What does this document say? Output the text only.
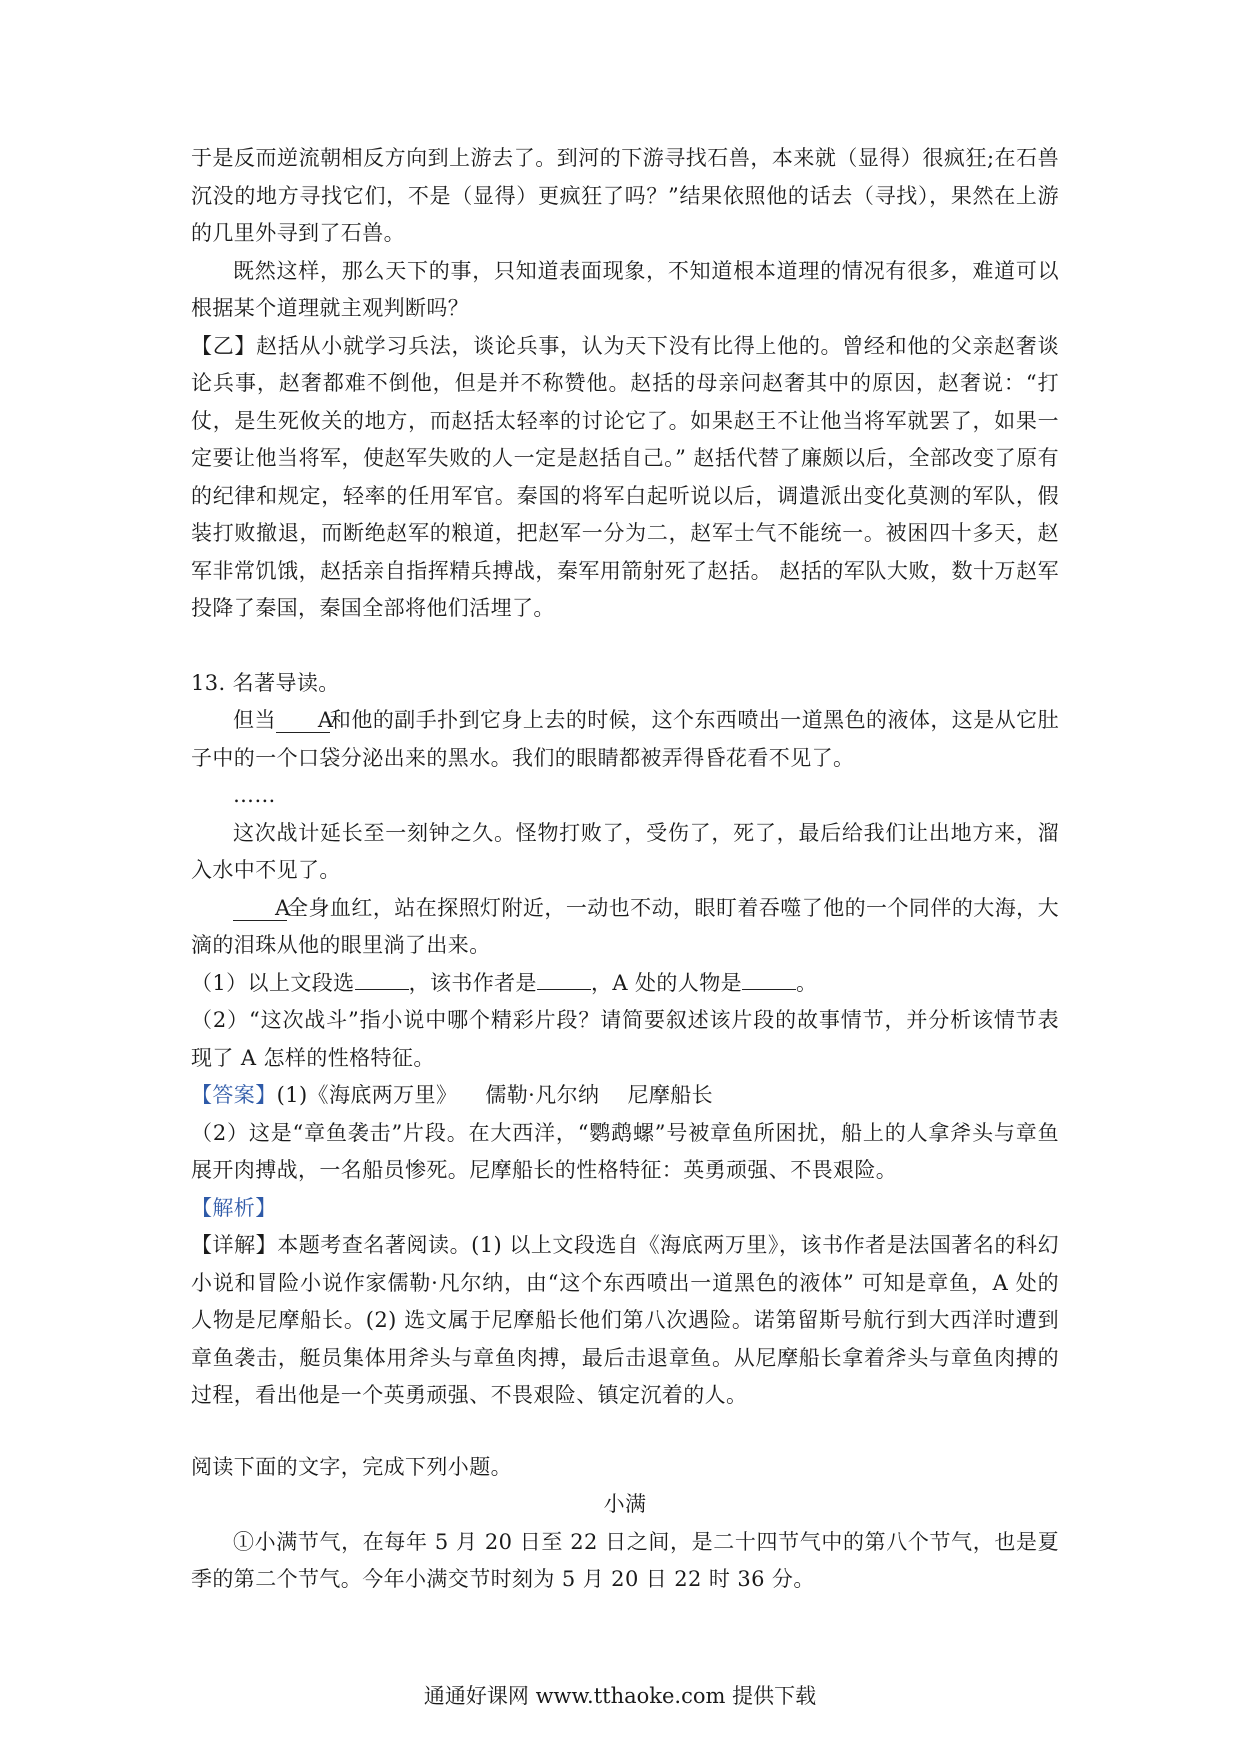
于是反而逆流朝相反方向到上游去了。到河的下游寻找石兽，本来就（显得）很疯狂;在石兽沉没的地方寻找它们，不是（显得）更疯狂了吗？”结果依照他的话去（寻找），果然在上游的几里外寻到了石兽。

既然这样，那么天下的事，只知道表面现象，不知道根本道理的情况有很多，难道可以根据某个道理就主观判断吗？

【乙】赵括从小就学习兵法，谈论兵事，认为天下没有比得上他的。曾经和他的父亲赵奢谈论兵事，赵奢都难不倒他，但是并不称赞他。赵括的母亲问赵奢其中的原因，赵奢说：“打仗，是生死攸关的地方，而赵括太轻率的讨论它了。如果赵王不让他当将军就罢了，如果一定要让他当将军，使赵军失败的人一定是赵括自己。” 赵括代替了廉颇以后，全部改变了原有的纪律和规定，轻率的任用军官。秦国的将军白起听说以后，调遣派出变化莫测的军队，假装打败撤退，而断绝赵军的粮道，把赵军一分为二，赵军士气不能统一。被困四十多天，赵军非常饥饿，赵括亲自指挥精兵搏战，秦军用箭射死了赵括。 赵括的军队大败，数十万赵军投降了秦国，秦国全部将他们活埋了。

13. 名著导读。

但当 A和他的副手扑到它身上去的时候，这个东西喷出一道黑色的液体，这是从它肚子中的一个口袋分泌出来的黑水。我们的眼睛都被弄得昏花看不见了。

……

这次战计延长至一刻钟之久。怪物打败了，受伤了，死了，最后给我们让出地方来，溜入水中不见了。

A全身血红，站在探照灯附近，一动也不动，眼盯着吞噬了他的一个同伴的大海，大滴的泪珠从他的眼里淌了出来。

（1）以上文段选	，该书作者是	，A 处的人物是	。

（2）“这次战斗”指小说中哪个精彩片段？请简要叙述该片段的故事情节，并分析该情节表现了 A 怎样的性格特征。

【答案】(1)《海底两万里》 儒勒·凡尔纳 尼摩船长

（2）这是“章鱼袭击”片段。在大西洋，“鹦鹉螺”号被章鱼所困扰，船上的人拿斧头与章鱼展开肉搏战，一名船员惨死。尼摩船长的性格特征：英勇顽强、不畏艰险。

【解析】

【详解】本题考查名著阅读。(1) 以上文段选自《海底两万里》，该书作者是法国著名的科幻小说和冒险小说作家儒勒·凡尔纳，由“这个东西喷出一道黑色的液体” 可知是章鱼，A 处的人物是尼摩船长。(2) 选文属于尼摩船长他们第八次遇险。诺第留斯号航行到大西洋时遭到章鱼袭击，艇员集体用斧头与章鱼肉搏，最后击退章鱼。从尼摩船长拿着斧头与章鱼肉搏的过程，看出他是一个英勇顽强、不畏艰险、镇定沉着的人。

阅读下面的文字，完成下列小题。

小满

①小满节气，在每年 5 月 20 日至 22 日之间，是二十四节气中的第八个节气，也是夏季的第二个节气。今年小满交节时刻为 5 月 20 日 22 时 36 分。

通通好课网 www.tthaoke.com 提供下载
